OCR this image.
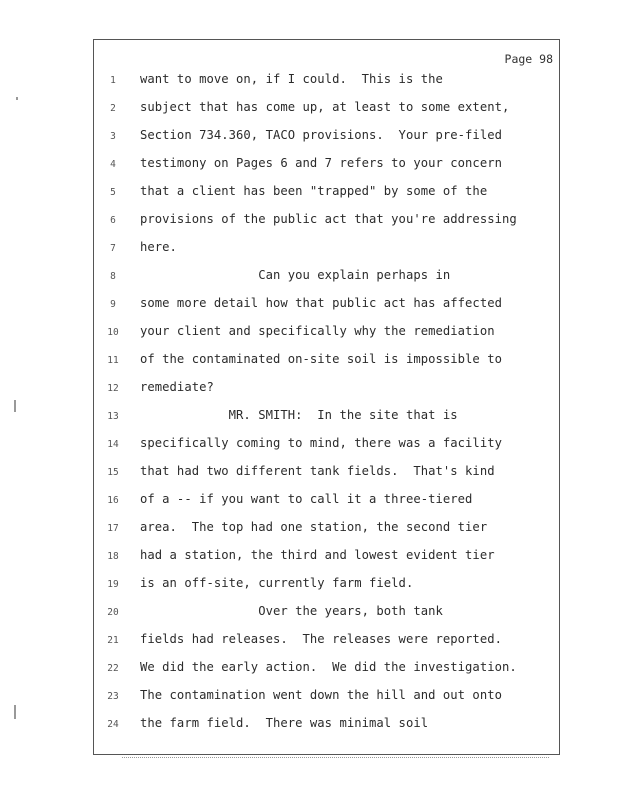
Page 98
1	want to move on, if I could.  This is the
2	subject that has come up, at least to some extent,
3	Section 734.360, TACO provisions.  Your pre-filed
4	testimony on Pages 6 and 7 refers to your concern
5	that a client has been "trapped" by some of the
6	provisions of the public act that you're addressing
7	here.
8	Can you explain perhaps in
9	some more detail how that public act has affected
10	your client and specifically why the remediation
11	of the contaminated on-site soil is impossible to
12	remediate?
13	MR. SMITH:  In the site that is
14	specifically coming to mind, there was a facility
15	that had two different tank fields.  That's kind
16	of a -- if you want to call it a three-tiered
17	area.  The top had one station, the second tier
18	had a station, the third and lowest evident tier
19	is an off-site, currently farm field.
20	Over the years, both tank
21	fields had releases.  The releases were reported.
22	We did the early action.  We did the investigation.
23	The contamination went down the hill and out onto
24	the farm field.  There was minimal soil
